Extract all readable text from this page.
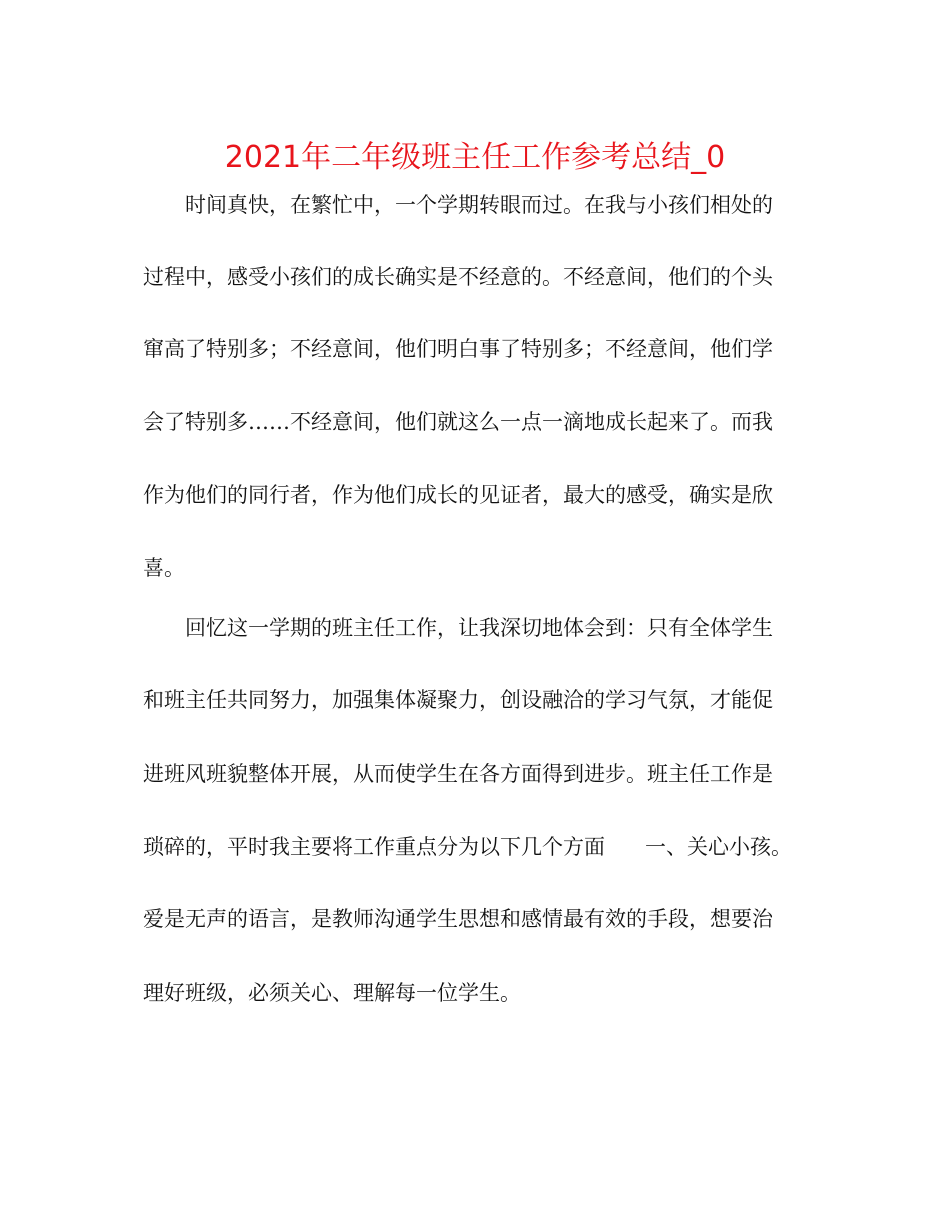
2021年二年级班主任工作参考总结_0
时间真快，在繁忙中，一个学期转眼而过。在我与小孩们相处的
过程中，感受小孩们的成长确实是不经意的。不经意间，他们的个头
窜高了特别多；不经意间，他们明白事了特别多；不经意间，他们学
会了特别多……不经意间，他们就这么一点一滴地成长起来了。而我
作为他们的同行者，作为他们成长的见证者，最大的感受，确实是欣
喜。
回忆这一学期的班主任工作，让我深切地体会到：只有全体学生
和班主任共同努力，加强集体凝聚力，创设融洽的学习气氛，才能促
进班风班貌整体开展，从而使学生在各方面得到进步。班主任工作是
琐碎的，平时我主要将工作重点分为以下几个方面      一、关心小孩。
爱是无声的语言，是教师沟通学生思想和感情最有效的手段，想要治
理好班级，必须关心、理解每一位学生。
